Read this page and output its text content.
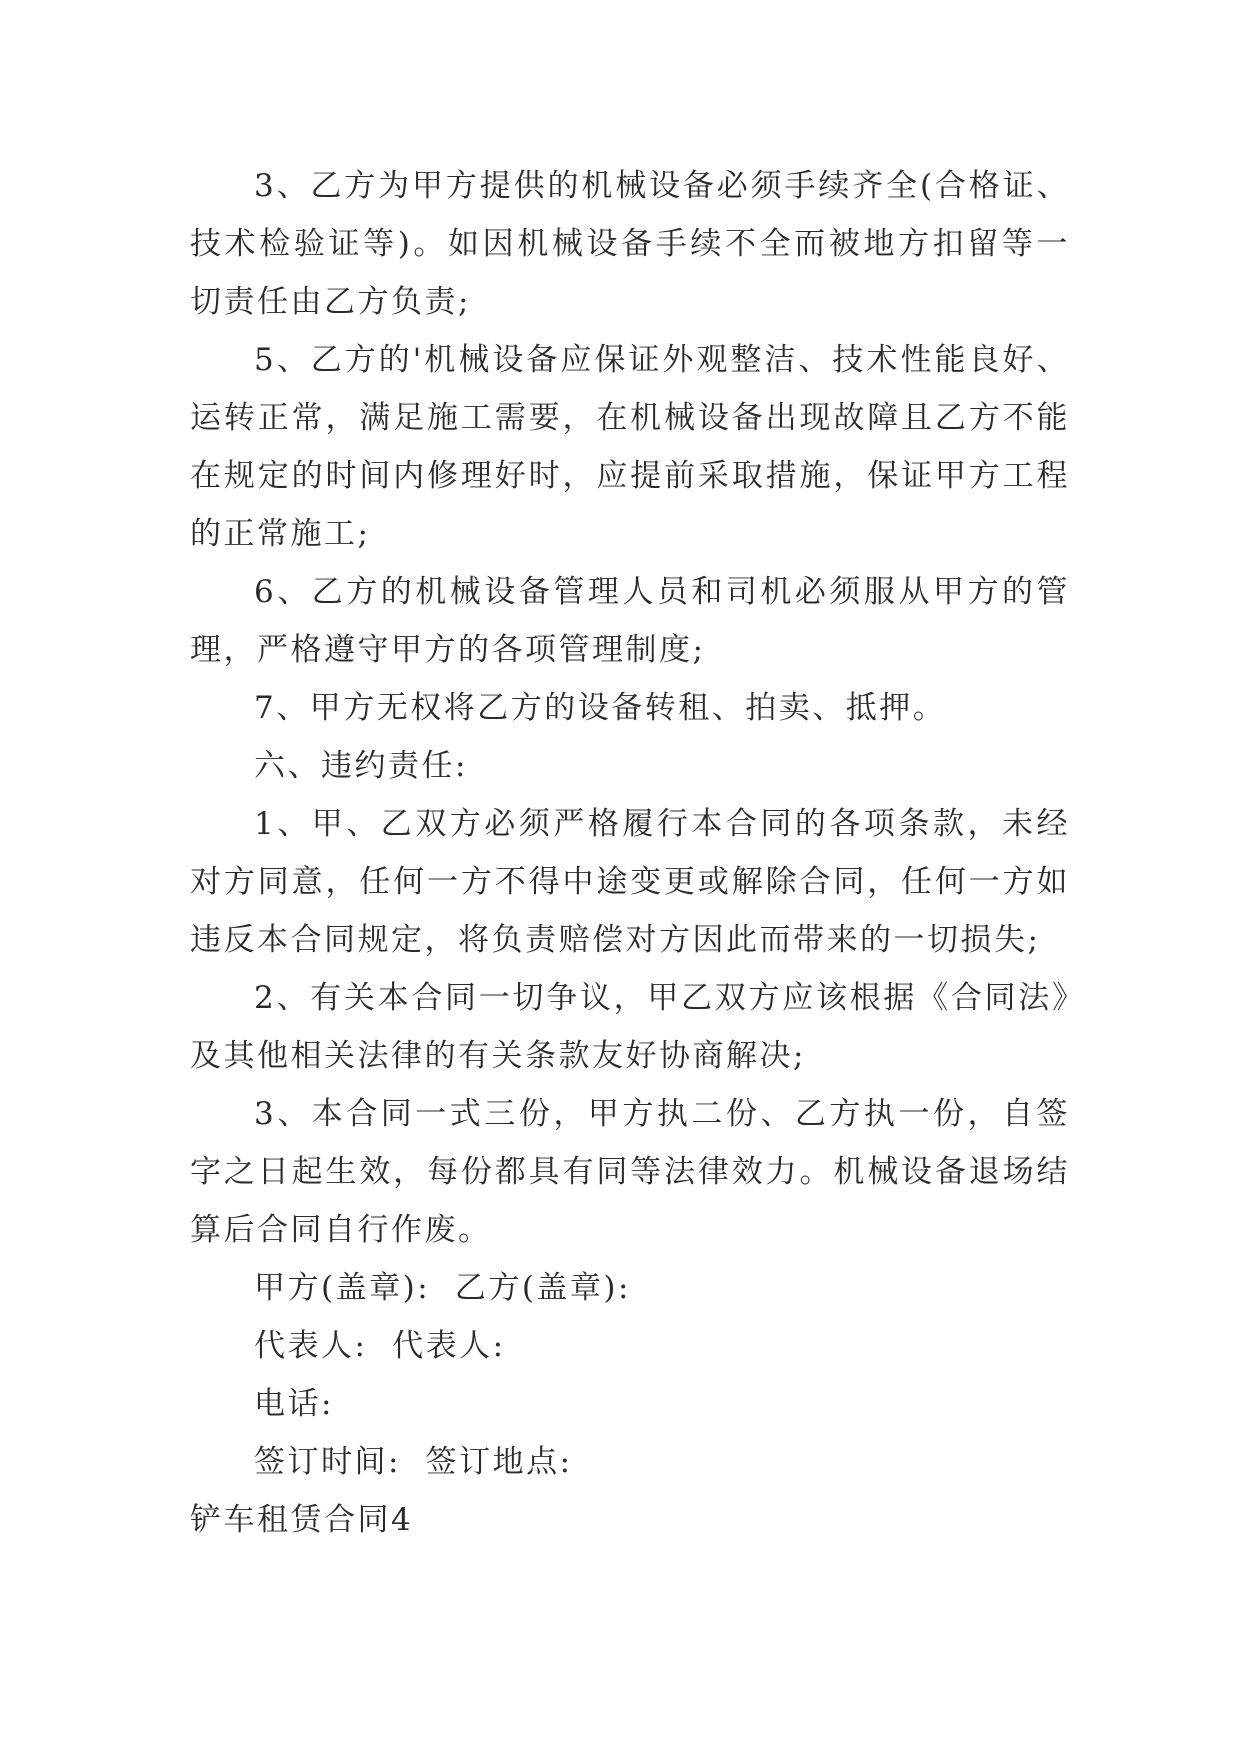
3、乙方为甲方提供的机械设备必须手续齐全(合格证、技术检验证等)。如因机械设备手续不全而被地方扣留等一切责任由乙方负责;

5、乙方的'机械设备应保证外观整洁、技术性能良好、运转正常，满足施工需要，在机械设备出现故障且乙方不能在规定的时间内修理好时，应提前采取措施，保证甲方工程的正常施工;

6、乙方的机械设备管理人员和司机必须服从甲方的管理，严格遵守甲方的各项管理制度;

7、甲方无权将乙方的设备转租、拍卖、抵押。

六、违约责任:

1、甲、乙双方必须严格履行本合同的各项条款，未经对方同意，任何一方不得中途变更或解除合同，任何一方如违反本合同规定，将负责赔偿对方因此而带来的一切损失;

2、有关本合同一切争议，甲乙双方应该根据《合同法》及其他相关法律的有关条款友好协商解决;

3、本合同一式三份，甲方执二份、乙方执一份，自签字之日起生效，每份都具有同等法律效力。机械设备退场结算后合同自行作废。

甲方(盖章):  乙方(盖章):

代表人:  代表人:

电话:

签订时间:  签订地点:

铲车租赁合同4
